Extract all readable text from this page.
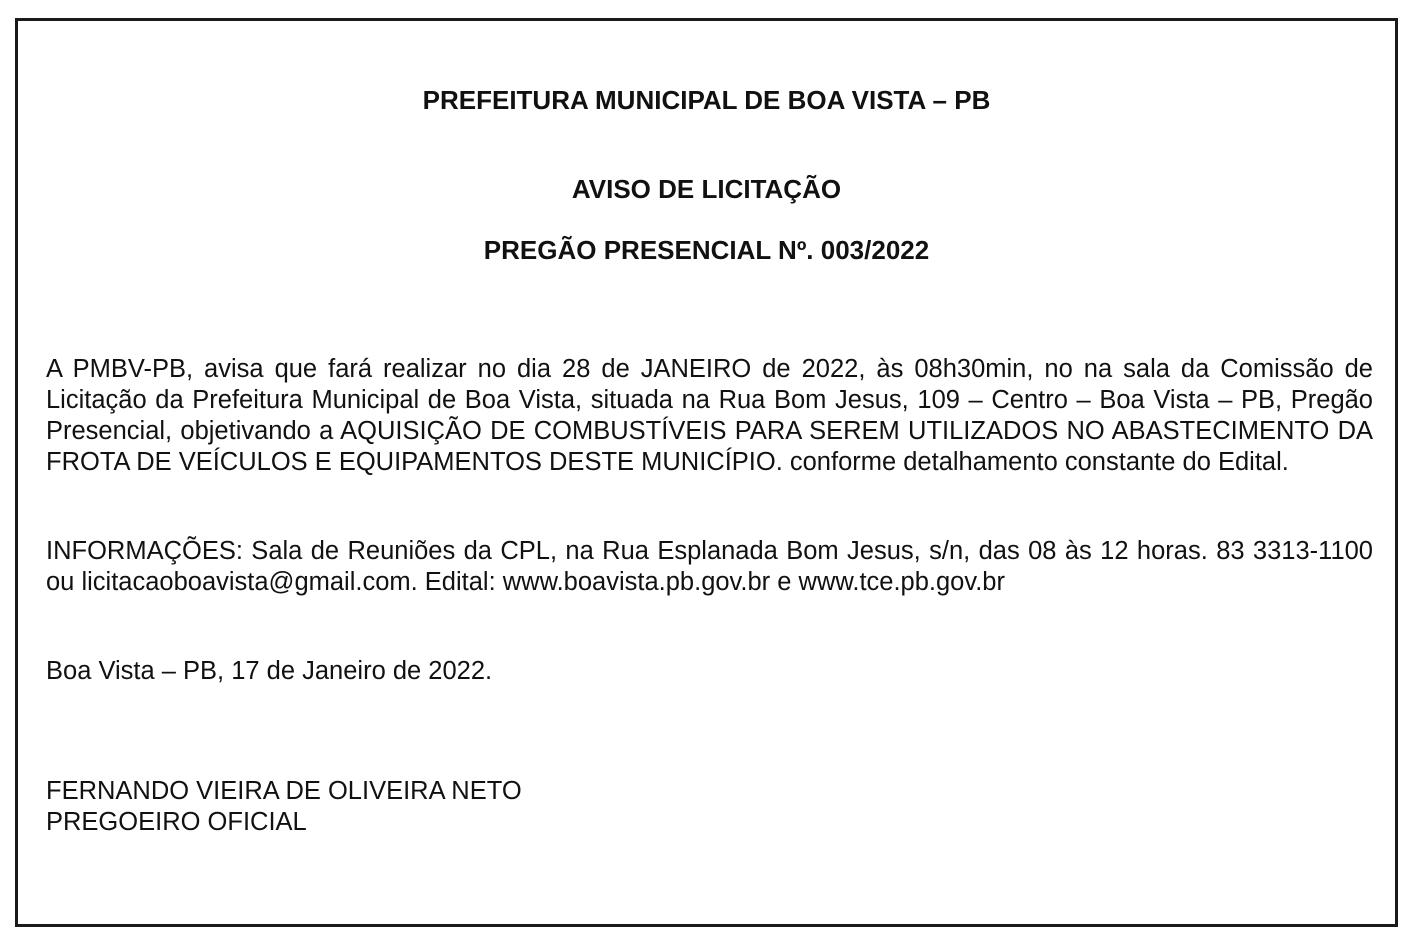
PREFEITURA MUNICIPAL DE BOA VISTA – PB

AVISO DE LICITAÇÃO

PREGÃO PRESENCIAL Nº. 003/2022

A PMBV-PB, avisa que fará realizar no dia 28 de JANEIRO de 2022, às 08h30min, no na sala da Comissão de Licitação da Prefeitura Municipal de Boa Vista, situada na Rua Bom Jesus, 109 – Centro – Boa Vista – PB, Pregão Presencial, objetivando a AQUISIÇÃO DE COMBUSTÍVEIS PARA SEREM UTILIZADOS NO ABASTECIMENTO DA FROTA DE VEÍCULOS E EQUIPAMENTOS DESTE MUNICÍPIO. conforme detalhamento constante do Edital.

INFORMAÇÕES: Sala de Reuniões da CPL, na Rua Esplanada Bom Jesus, s/n, das 08 às 12 horas. 83 3313-1100 ou licitacaoboavista@gmail.com. Edital: www.boavista.pb.gov.br e www.tce.pb.gov.br

Boa Vista – PB, 17 de Janeiro de 2022.

FERNANDO VIEIRA DE OLIVEIRA NETO
PREGOEIRO OFICIAL
